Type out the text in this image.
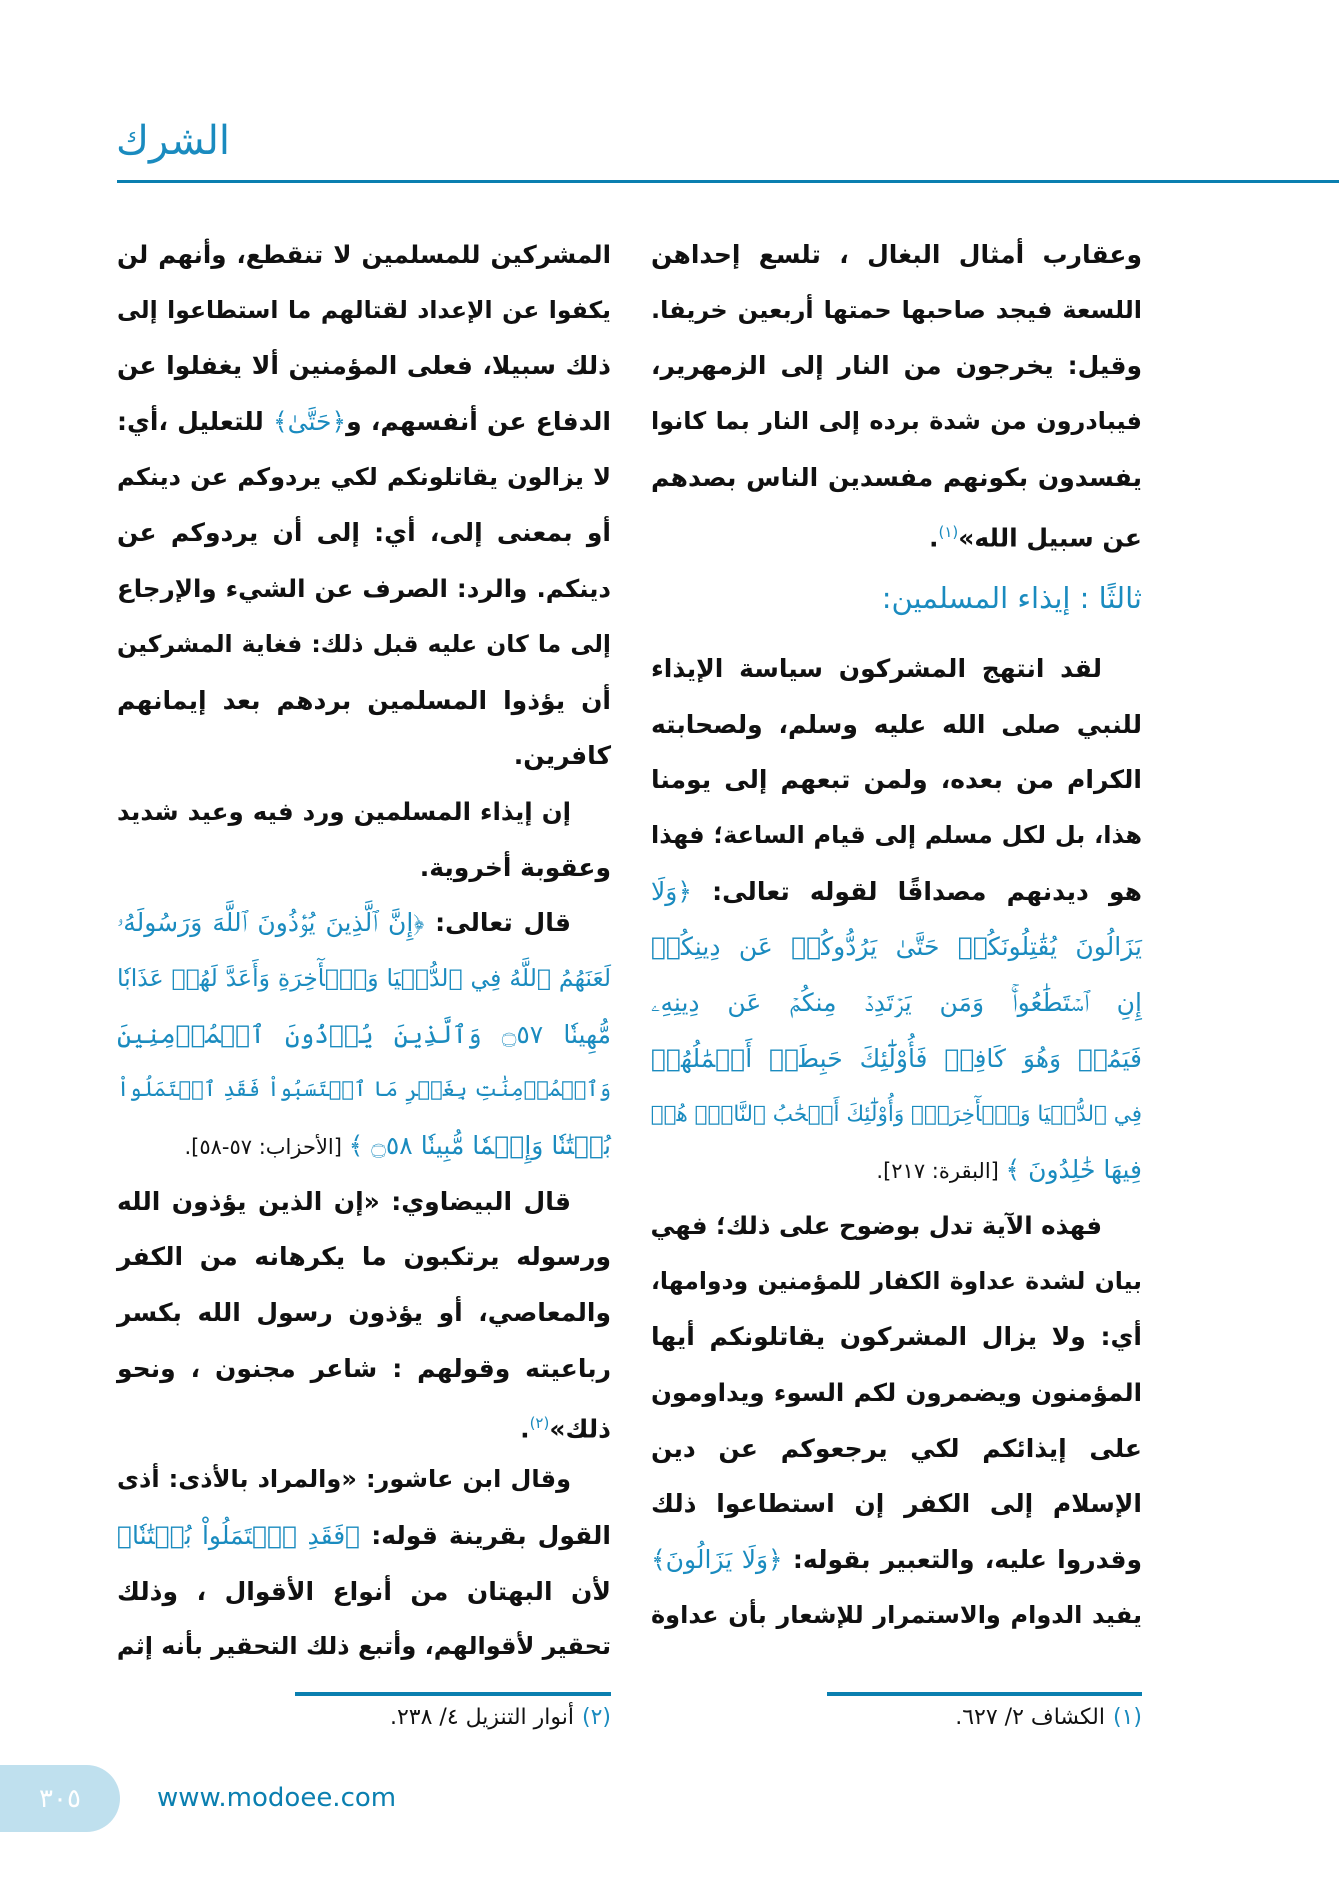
الشرك
وعقارب أمثال البغال ، تلسع إحداهن
اللسعة فيجد صاحبها حمتها أربعين خريفا.
وقيل: يخرجون من النار إلى الزمهرير،
فيبادرون من شدة برده إلى النار بما كانوا
يفسدون بكونهم مفسدين الناس بصدهم
عن سبيل الله»$^{(١)}$.
ثالثًا : إيذاء المسلمين:
لقد انتهج المشركون سياسة الإيذاء
للنبي صلى الله عليه وسلم، ولصحابته
الكرام من بعده، ولمن تبعهم إلى يومنا
هذا، بل لكل مسلم إلى قيام الساعة؛ فهذا
هو ديدنهم مصداقًا لقوله تعالى: ﴿وَلَا
يَزَالُونَ يُقَٰتِلُونَكُمۡ حَتَّىٰ يَرُدُّوكُمۡ عَن دِينِكُمۡ
إِنِ ٱسۡتَطَٰعُواْۚ وَمَن يَرۡتَدِدۡ مِنكُمۡ عَن دِينِهِۦ
فَيَمُتۡ وَهُوَ كَافِرٞ فَأُوْلَٰٓئِكَ حَبِطَتۡ أَعۡمَٰلُهُمۡ
فِي ٱلدُّنۡيَا وَٱلۡأٓخِرَةِۖ وَأُوْلَٰٓئِكَ أَصۡحَٰبُ ٱلنَّارِۖ هُمۡ
فِيهَا خَٰلِدُونَ ﴾ [البقرة: ٢١٧].
فهذه الآية تدل بوضوح على ذلك؛ فهي
بيان لشدة عداوة الكفار للمؤمنين ودوامها،
أي: ولا يزال المشركون يقاتلونكم أيها
المؤمنون ويضمرون لكم السوء ويداومون
على إيذائكم لكي يرجعوكم عن دين
الإسلام إلى الكفر إن استطاعوا ذلك
وقدروا عليه، والتعبير بقوله: ﴿وَلَا يَزَالُونَ﴾
يفيد الدوام والاستمرار للإشعار بأن عداوة
المشركين للمسلمين لا تنقطع، وأنهم لن
يكفوا عن الإعداد لقتالهم ما استطاعوا إلى
ذلك سبيلا، فعلى المؤمنين ألا يغفلوا عن
الدفاع عن أنفسهم، و﴿حَتَّىٰ﴾ للتعليل ،أي:
لا يزالون يقاتلونكم لكي يردوكم عن دينكم
أو بمعنى إلى، أي: إلى أن يردوكم عن
دينكم. والرد: الصرف عن الشيء والإرجاع
إلى ما كان عليه قبل ذلك: فغاية المشركين
أن يؤذوا المسلمين بردهم بعد إيمانهم
كافرين.
إن إيذاء المسلمين ورد فيه وعيد شديد
وعقوبة أخروية.
قال تعالى: ﴿إِنَّ ٱلَّذِينَ يُؤۡذُونَ ٱللَّهَ وَرَسُولَهُۥ
لَعَنَهُمُ ٱللَّهُ فِي ٱلدُّنۡيَا وَٱلۡأٓخِرَةِ وَأَعَدَّ لَهُمۡ عَذَابٗا
مُّهِينٗا ۝٥٧ وَٱلَّذِينَ يُؤۡذُونَ ٱلۡمُؤۡمِنِينَ
وَٱلۡمُؤۡمِنَٰتِ بِغَيۡرِ مَا ٱكۡتَسَبُواْ فَقَدِ ٱحۡتَمَلُواْ
بُهۡتَٰنٗا وَإِثۡمٗا مُّبِينٗا ۝٥٨ ﴾ [الأحزاب: ٥٧-٥٨].
قال البيضاوي: «إن الذين يؤذون الله
ورسوله يرتكبون ما يكرهانه من الكفر
والمعاصي، أو يؤذون رسول الله بكسر
رباعيته وقولهم : شاعر مجنون ، ونحو
ذلك»$^{(٢)}$.
وقال ابن عاشور: «والمراد بالأذى: أذى
القول بقرينة قوله: ﴿فَقَدِ ٱحۡتَمَلُواْ بُهۡتَٰنٗا﴾
لأن البهتان من أنواع الأقوال ، وذلك
تحقير لأقوالهم، وأتبع ذلك التحقير بأنه إثم
(١)الكشاف ٢/ ٦٢٧.
(٢)أنوار التنزيل ٤/ ٢٣٨.
٣٠٥	www.modoee.com
